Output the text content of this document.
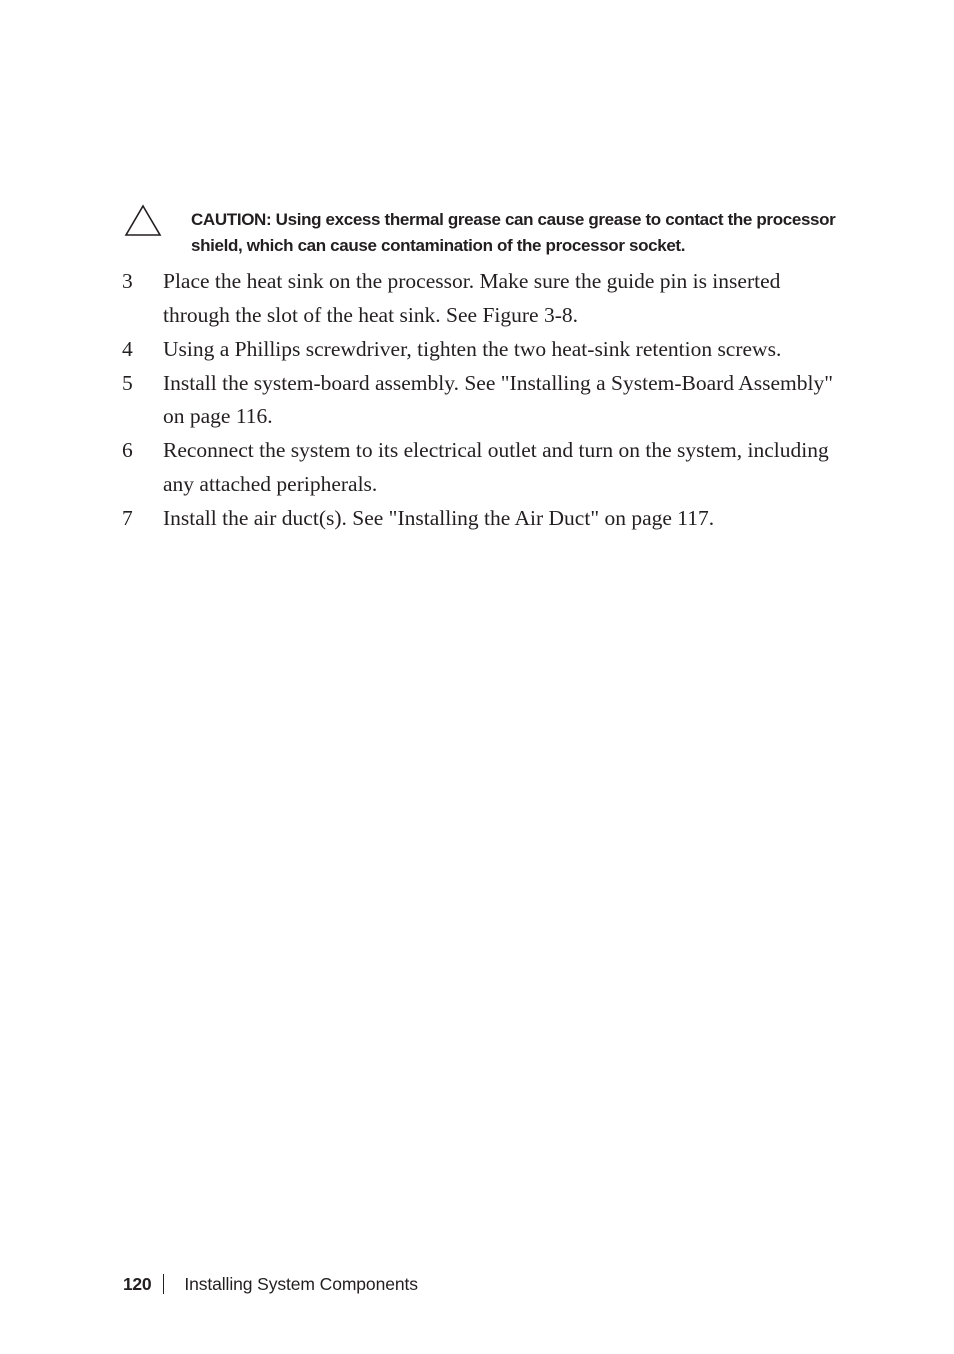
CAUTION: Using excess thermal grease can cause grease to contact the processor shield, which can cause contamination of the processor socket.
3 Place the heat sink on the processor. Make sure the guide pin is inserted through the slot of the heat sink. See Figure 3-8.
4 Using a Phillips screwdriver, tighten the two heat-sink retention screws.
5 Install the system-board assembly. See "Installing a System-Board Assembly" on page 116.
6 Reconnect the system to its electrical outlet and turn on the system, including any attached peripherals.
7 Install the air duct(s). See "Installing the Air Duct" on page 117.
120 Installing System Components
